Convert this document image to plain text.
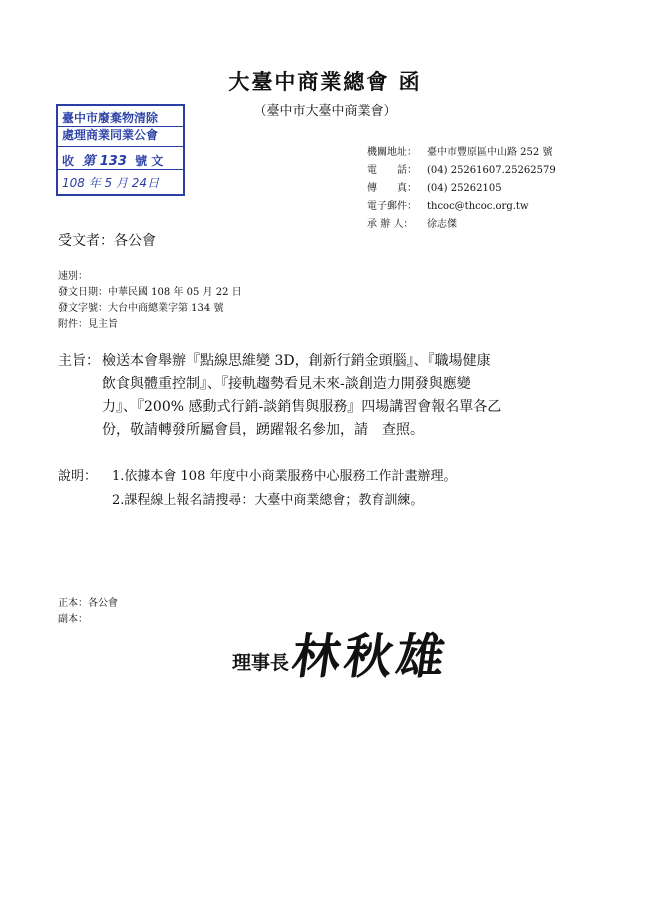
大臺中商業總會 函
（臺中市大臺中商業會）
臺中市廢棄物清除
處理商業同業公會
收 第 133 號 文
108 年 5 月 24日
機關地址： 臺中市豐原區中山路 252 號
電　　話： (04) 25261607.25262579
傳　　真： (04) 25262105
電子郵件： thcoc@thcoc.org.tw
承 辦 人： 徐志傑
受文者：各公會
速別：
發文日期：中華民國 108 年 05 月 22 日
發文字號：大台中商總業字第 134 號
附件：見主旨
主旨： 檢送本會舉辦『點線思維變 3D，創新行銷金頭腦』、『職場健康飲食與體重控制』、『接軌趨勢看見未來-談創造力開發與應變力』、『200% 感動式行銷-談銷售與服務』四場講習會報名單各乙份，敬請轉發所屬會員，踴躍報名參加，請　查照。
說明： 1.依據本會 108 年度中小商業服務中心服務工作計畫辦理。
2.課程線上報名請搜尋：大臺中商業總會；教育訓練。
正本：各公會
副本：
理事長 林秋雄
